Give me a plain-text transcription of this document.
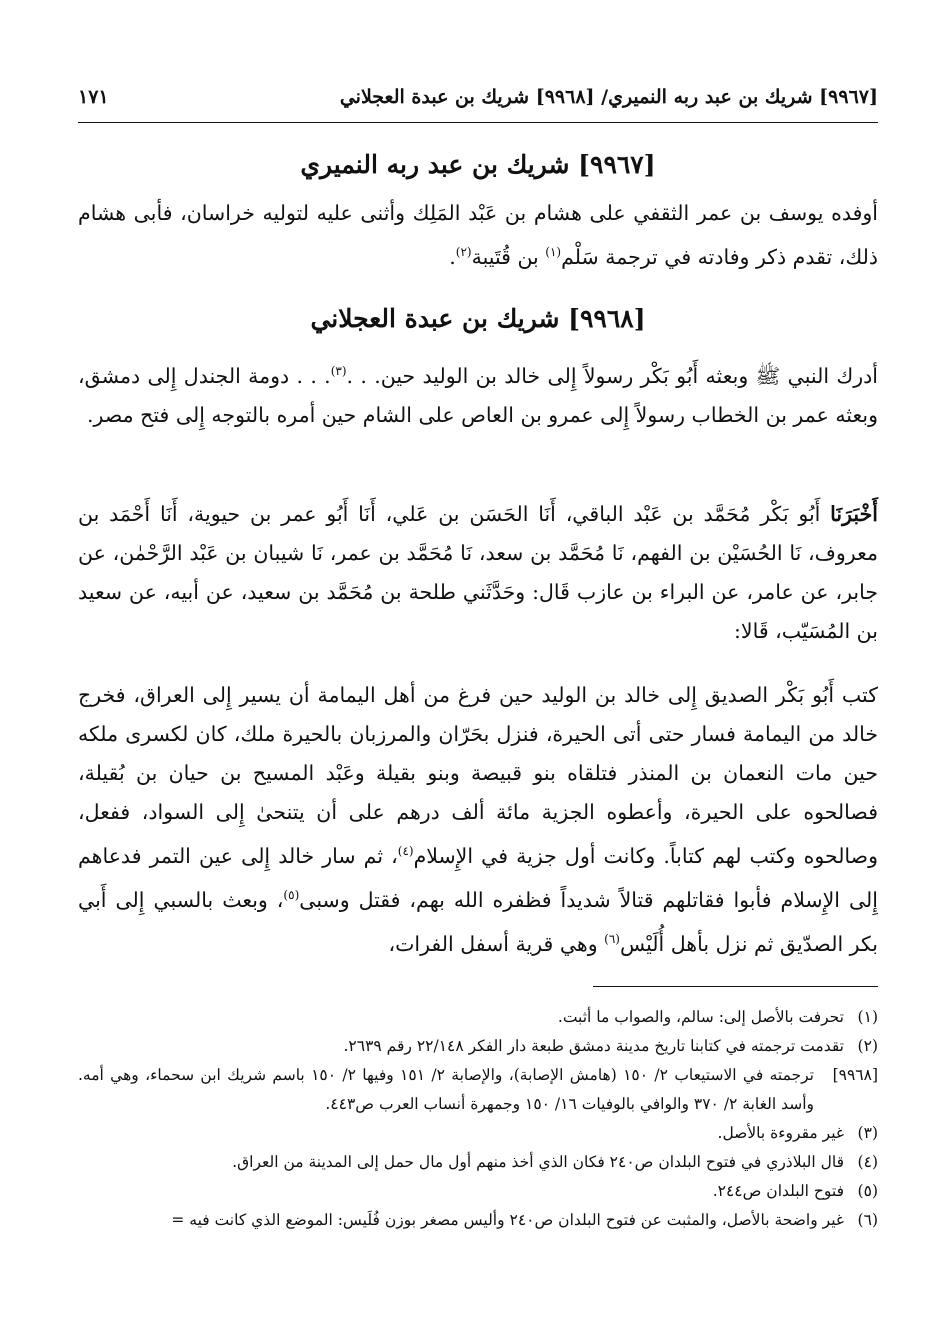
[٩٩٦٧] شريك بن عبد ربه النميري/ [٩٩٦٨] شريك بن عبدة العجلاني
١٧١
[٩٩٦٧] شريك بن عبد ربه النميري
أوفده يوسف بن عمر الثقفي على هشام بن عَبْد المَلِك وأثنى عليه لتوليه خراسان، فأبى هشام ذلك، تقدم ذكر وفادته في ترجمة سَلْم$^{(١)}$ بن قُتَيبة$^{(٢)}$.
[٩٩٦٨] شريك بن عبدة العجلاني
أدرك النبي ﷺ وبعثه أَبُو بَكْر رسولاً إِلى خالد بن الوليد حين. . .$^{(٣)}$. . . دومة الجندل إِلى دمشق، وبعثه عمر بن الخطاب رسولاً إِلى عمرو بن العاص على الشام حين أمره بالتوجه إِلى فتح مصر.
أَخْبَرَنَا أَبُو بَكْر مُحَمَّد بن عَبْد الباقي، أَنَا الحَسَن بن عَلي، أَنَا أَبُو عمر بن حيوية، أَنَا أَحْمَد بن معروف، نَا الحُسَيْن بن الفهم، نَا مُحَمَّد بن سعد، نَا مُحَمَّد بن عمر، نَا شيبان بن عَبْد الرَّحْمٰن، عن جابر، عن عامر، عن البراء بن عازب قَال: وحَدَّثَني طلحة بن مُحَمَّد بن سعيد، عن أبيه، عن سعيد بن المُسَيّب، قَالا:
كتب أَبُو بَكْر الصديق إِلى خالد بن الوليد حين فرغ من أهل اليمامة أن يسير إِلى العراق، فخرج خالد من اليمامة فسار حتى أتى الحيرة، فنزل بحَرّان والمرزبان بالحيرة ملك، كان لكسرى ملكه حين مات النعمان بن المنذر فتلقاه بنو قبيصة وبنو بقيلة وعَبْد المسيح بن حيان بن بُقيلة، فصالحوه على الحيرة، وأعطوه الجزية مائة ألف درهم على أن يتنحىٰ إِلى السواد، ففعل، وصالحوه وكتب لهم كتاباً. وكانت أول جزية في الإِسلام$^{(٤)}$، ثم سار خالد إِلى عين التمر فدعاهم إِلى الإِسلام فأبوا فقاتلهم قتالاً شديداً فظفره الله بهم، فقتل وسبى$^{(٥)}$، وبعث بالسبي إِلى أَبي بكر الصدّيق ثم نزل بأهل أُلَيْس$^{(٦)}$ وهي قرية أسفل الفرات،
(١)
تحرفت بالأصل إلى: سالم، والصواب ما أثبت.
(٢)
تقدمت ترجمته في كتابنا تاريخ مدينة دمشق طبعة دار الفكر ٢٢/١٤٨ رقم ٢٦٣٩.
[٩٩٦٨]
ترجمته في الاستيعاب ٢/ ١٥٠ (هامش الإصابة)، والإصابة ٢/ ١٥١ وفيها ٢/ ١٥٠ باسم شريك ابن سحماء، وهي أمه. وأسد الغابة ٢/ ٣٧٠ والوافي بالوفيات ١٦/ ١٥٠ وجمهرة أنساب العرب ص٤٤٣.
(٣)
غير مقروءة بالأصل.
(٤)
قال البلاذري في فتوح البلدان ص٢٤٠ فكان الذي أخذ منهم أول مال حمل إلى المدينة من العراق.
(٥)
فتوح البلدان ص٢٤٤.
(٦)
غير واضحة بالأصل، والمثبت عن فتوح البلدان ص٢٤٠ وأليس مصغر بوزن فُلَيس: الموضع الذي كانت فيه =
